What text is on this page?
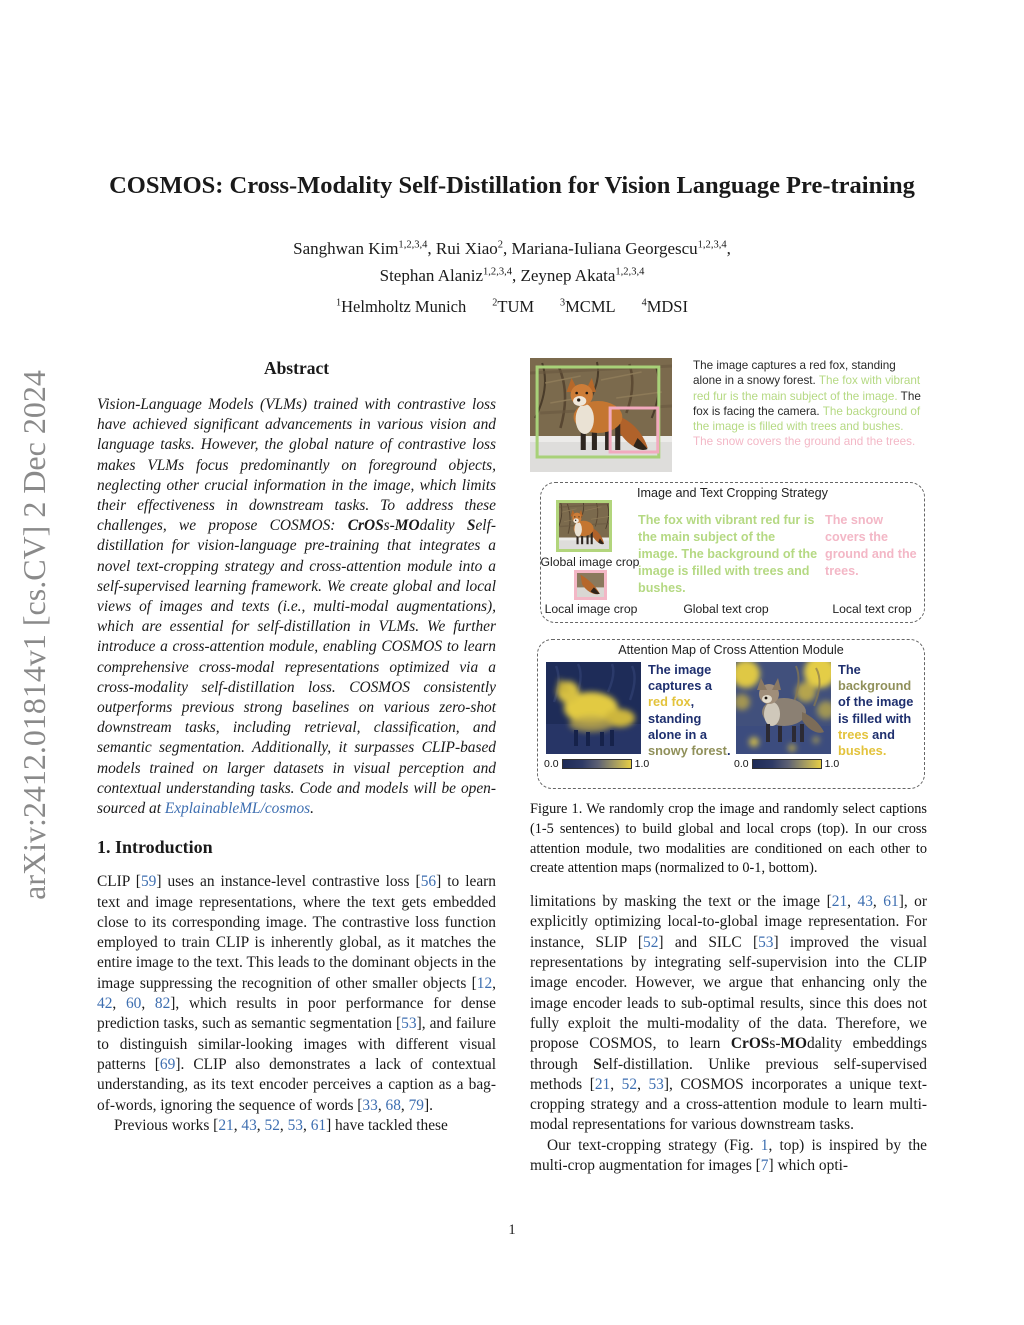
arXiv:2412.01814v1 [cs.CV] 2 Dec 2024
COSMOS: Cross-Modality Self-Distillation for Vision Language Pre-training
Sanghwan Kim$^{1,2,3,4}$, Rui Xiao$^2$, Mariana-Iuliana Georgescu$^{1,2,3,4}$,
Stephan Alaniz$^{1,2,3,4}$, Zeynep Akata$^{1,2,3,4}$
$^1$Helmholtz Munich	$^2$TUM	$^3$MCML	$^4$MDSI
Abstract

Vision-Language Models (VLMs) trained with contrastive loss have achieved significant advancements in various vision and language tasks. However, the global nature of contrastive loss makes VLMs focus predominantly on foreground objects, neglecting other crucial information in the image, which limits their effectiveness in downstream tasks. To address these challenges, we propose COSMOS: CrOSs-MOdality Self-distillation for vision-language pre-training that integrates a novel text-cropping strategy and cross-attention module into a self-supervised learning framework. We create global and local views of images and texts (i.e., multi-modal augmentations), which are essential for self-distillation in VLMs. We further introduce a cross-attention module, enabling COSMOS to learn comprehensive cross-modal representations optimized via a cross-modality self-distillation loss. COSMOS consistently outperforms previous strong baselines on various zero-shot downstream tasks, including retrieval, classification, and semantic segmentation. Additionally, it surpasses CLIP-based models trained on larger datasets in visual perception and contextual understanding tasks. Code and models will be open-sourced at ExplainableML/cosmos.

1. Introduction

CLIP [59] uses an instance-level contrastive loss [56] to learn text and image representations, where the text gets embedded close to its corresponding image. The contrastive loss function employed to train CLIP is inherently global, as it matches the entire image to the text. This leads to the dominant objects in the image suppressing the recognition of other smaller objects [12, 42, 60, 82], which results in poor performance for dense prediction tasks, such as semantic segmentation [53], and failure to distinguish similar-looking images with different visual patterns [69]. CLIP also demonstrates a lack of contextual understanding, as its text encoder perceives a caption as a bag-of-words, ignoring the sequence of words [33, 68, 79].

Previous works [21, 43, 52, 53, 61] have tackled these

The image captures a red fox, standing alone in a snowy forest. The fox with vibrant red fur is the main subject of the image. The fox is facing the camera. The background of the image is filled with trees and bushes. The snow covers the ground and the trees.
Image and Text Cropping Strategy
Global image crop
Local image crop
The fox with vibrant red fur is the main subject of the image. The background of the image is filled with trees and bushes.
The snow covers the ground and the trees.
Global text crop	Local text crop
Attention Map of Cross Attention Module
The image captures a red fox, standing alone in a snowy forest.
0.0	1.0
The background of the image is filled with trees and bushes.
0.0	1.0

Figure 1. We randomly crop the image and randomly select captions (1-5 sentences) to build global and local crops (top). In our cross attention module, two modalities are conditioned on each other to create attention maps (normalized to 0-1, bottom).

limitations by masking the text or the image [21, 43, 61], or explicitly optimizing local-to-global image representation. For instance, SLIP [52] and SILC [53] improved the visual representations by integrating self-supervision into the CLIP image encoder. However, we argue that enhancing only the image encoder leads to sub-optimal results, since this does not fully exploit the multi-modality of the data. Therefore, we propose COSMOS, to learn CrOSs-MOdality embeddings through Self-distillation. Unlike previous self-supervised methods [21, 52, 53], COSMOS incorporates a unique text-cropping strategy and a cross-attention module to learn multi-modal representations for various downstream tasks.

Our text-cropping strategy (Fig. 1, top) is inspired by the multi-crop augmentation for images [7] which opti-

1
